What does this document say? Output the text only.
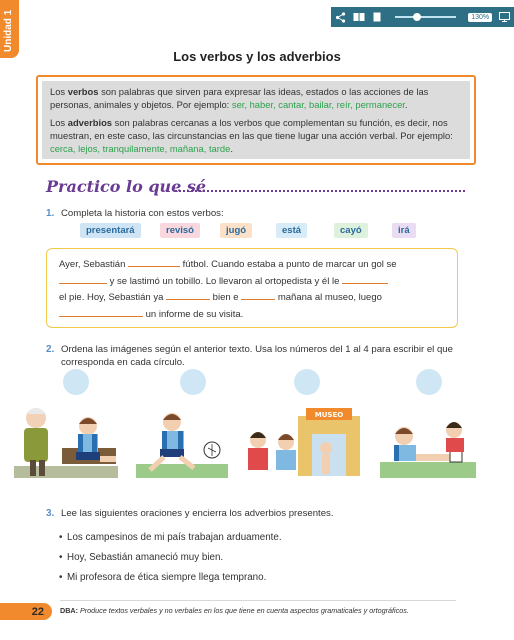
130%
Unidad 1
Los verbos y los adverbios

Los verbos son palabras que sirven para expresar las ideas, estados o las acciones de las personas, animales y objetos. Por ejemplo: ser, haber, cantar, bailar, reír, permanecer.

Los adverbios son palabras cercanas a los verbos que complementan su función, es decir, nos muestran, en este caso, las circunstancias en las que tiene lugar una acción verbal. Por ejemplo: cerca, lejos, tranquilamente, mañana, tarde.

Practico lo que sé
1. Completa la historia con estos verbos:
presentará	revisó	jugó	está	cayó	irá
Ayer, Sebastián	fútbol. Cuando estaba a punto de marcar un gol se
y se lastimó un tobillo. Lo llevaron al ortopedista y él le
el pie. Hoy, Sebastián ya	bien e	mañana al museo, luego
un informe de su visita.
2. Ordena las imágenes según el anterior texto. Usa los números del 1 al 4 para escribir el que corresponda en cada círculo.
MUSEO
3. Lee las siguientes oraciones y encierra los adverbios presentes.
• Los campesinos de mi país trabajan arduamente.
• Hoy, Sebastián amaneció muy bien.
• Mi profesora de ética siempre llega temprano.
22	DBA: Produce textos verbales y no verbales en los que tiene en cuenta aspectos gramaticales y ortográficos.
